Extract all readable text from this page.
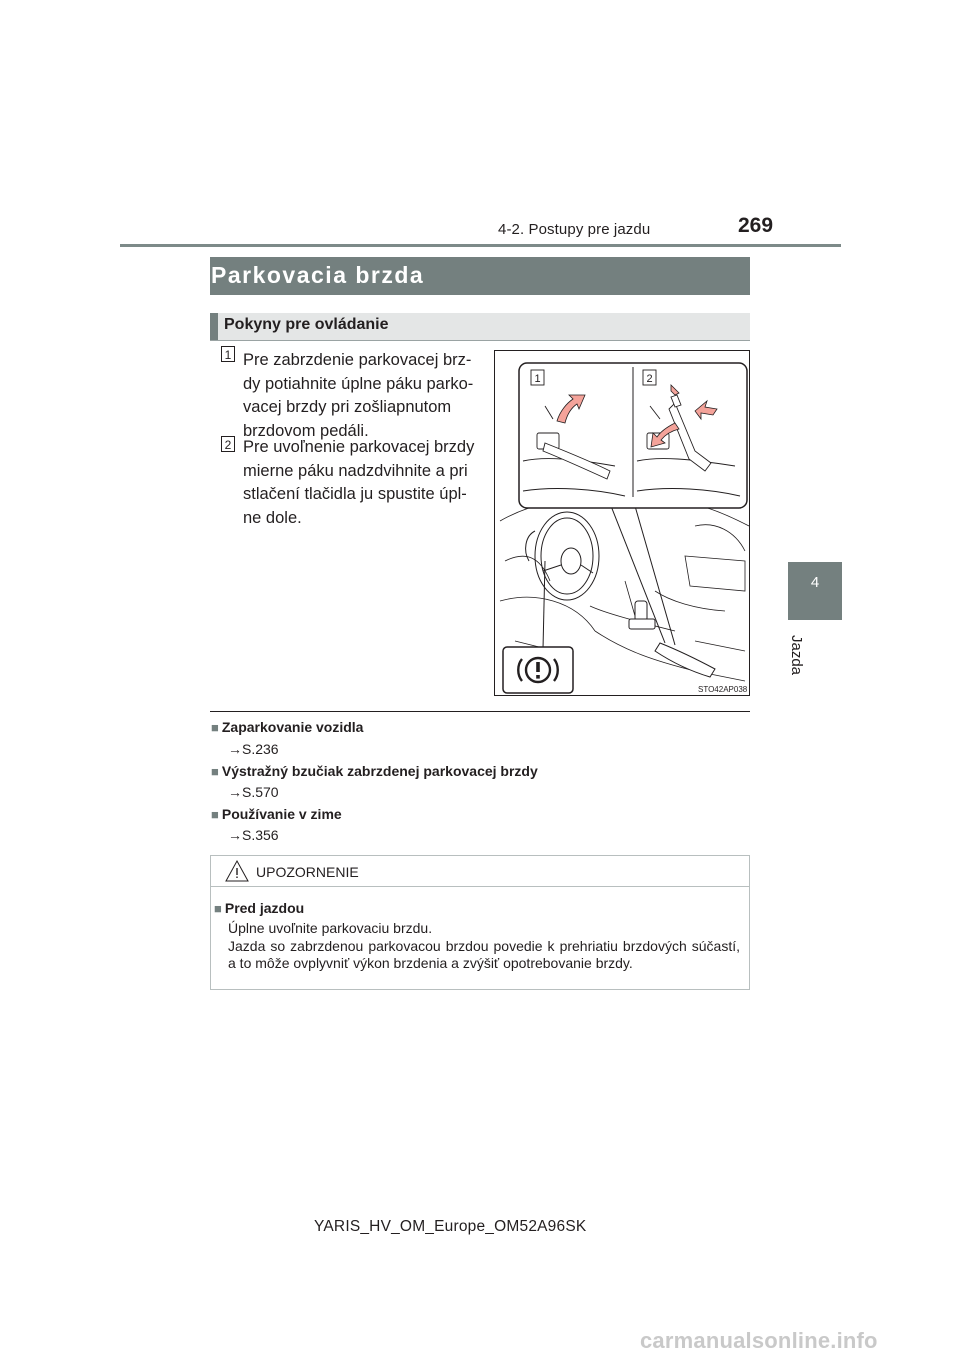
4-2. Postupy pre jazdu	269
4
Jazda
Parkovacia brzda
Pokyny pre ovládanie
1 Pre zabrzdenie parkovacej brz-
dy potiahnite úplne páku parko-
vacej brzdy pri zošliapnutom
brzdovom pedáli.
2 Pre uvoľnenie parkovacej brzdy
mierne páku nadzdvihnite a pri
stlačení tlačidla ju spustite úpl-
ne dole.
1	2
STO42AP038
■ Zaparkovanie vozidla
→S.236
■ Výstražný bzučiak zabrzdenej parkovacej brzdy
→S.570
■ Používanie v zime
→S.356
UPOZORNENIE
■ Pred jazdou
Úplne uvoľnite parkovaciu brzdu.
Jazda so zabrzdenou parkovacou brzdou povedie k prehriatiu brzdových súčastí, a to môže ovplyvniť výkon brzdenia a zvýšiť opotrebovanie brzdy.
YARIS_HV_OM_Europe_OM52A96SK
carmanualsonline.info
